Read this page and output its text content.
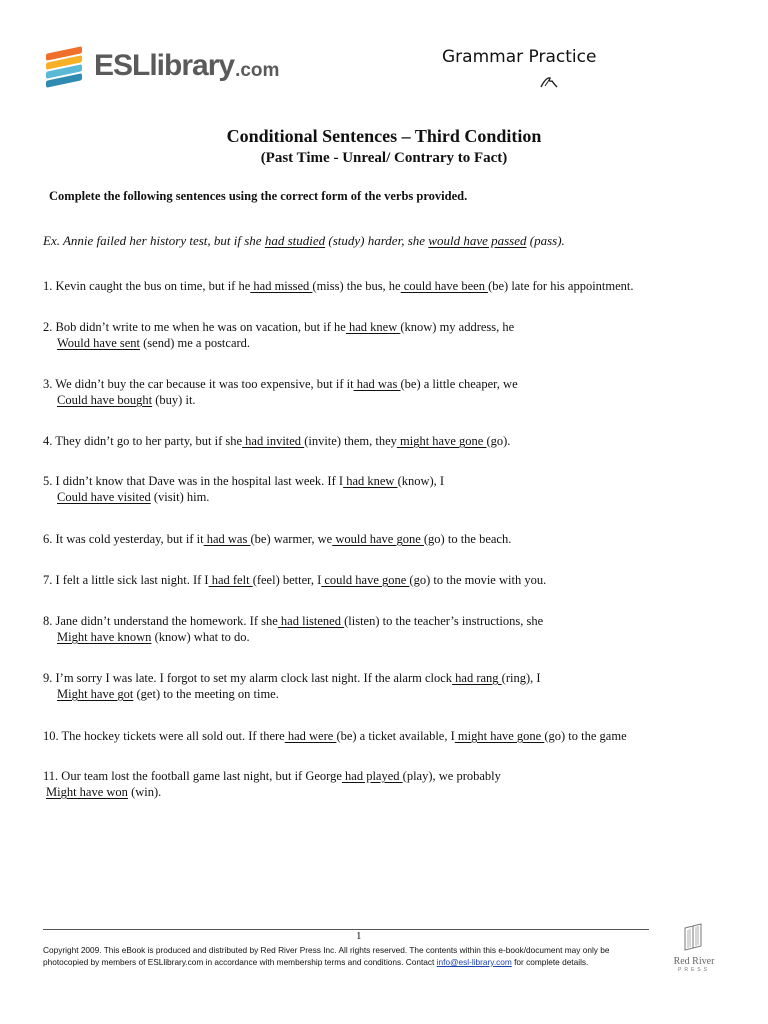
ESLlibrary .com
Grammar Practice
Conditional Sentences – Third Condition
(Past Time - Unreal/ Contrary to Fact)
Complete the following sentences using the correct form of the verbs provided.
Ex. Annie failed her history test, but if she had studied (study) harder, she would have passed (pass).
1. Kevin caught the bus on time, but if he had missed (miss) the bus, he could have been (be) late for his appointment.
2. Bob didn’t write to me when he was on vacation, but if he had knew (know) my address, he
Would have sent (send) me a postcard.
3. We didn’t buy the car because it was too expensive, but if it had was (be) a little cheaper, we
Could have bought (buy) it.
4. They didn’t go to her party, but if she had invited (invite) them, they might have gone (go).
5. I didn’t know that Dave was in the hospital last week. If I had knew (know), I
Could have visited (visit) him.
6. It was cold yesterday, but if it had was (be) warmer, we would have gone (go) to the beach.
7. I felt a little sick last night. If I had felt (feel) better, I could have gone (go) to the movie with you.
8. Jane didn’t understand the homework. If she had listened (listen) to the teacher’s instructions, she
Might have known (know) what to do.
9. I’m sorry I was late. I forgot to set my alarm clock last night. If the alarm clock had rang (ring), I
Might have got (get) to the meeting on time.
10. The hockey tickets were all sold out. If there had were (be) a ticket available, I might have gone (go) to the game
11. Our team lost the football game last night, but if George had played (play), we probably
Might have won (win).
1
Copyright 2009. This eBook is produced and distributed by Red River Press Inc. All rights reserved. The contents within this e-book/document may only be photocopied by members of ESLlibrary.com in accordance with membership terms and conditions. Contact info@esl-library.com for complete details.	Red River
PRESS
